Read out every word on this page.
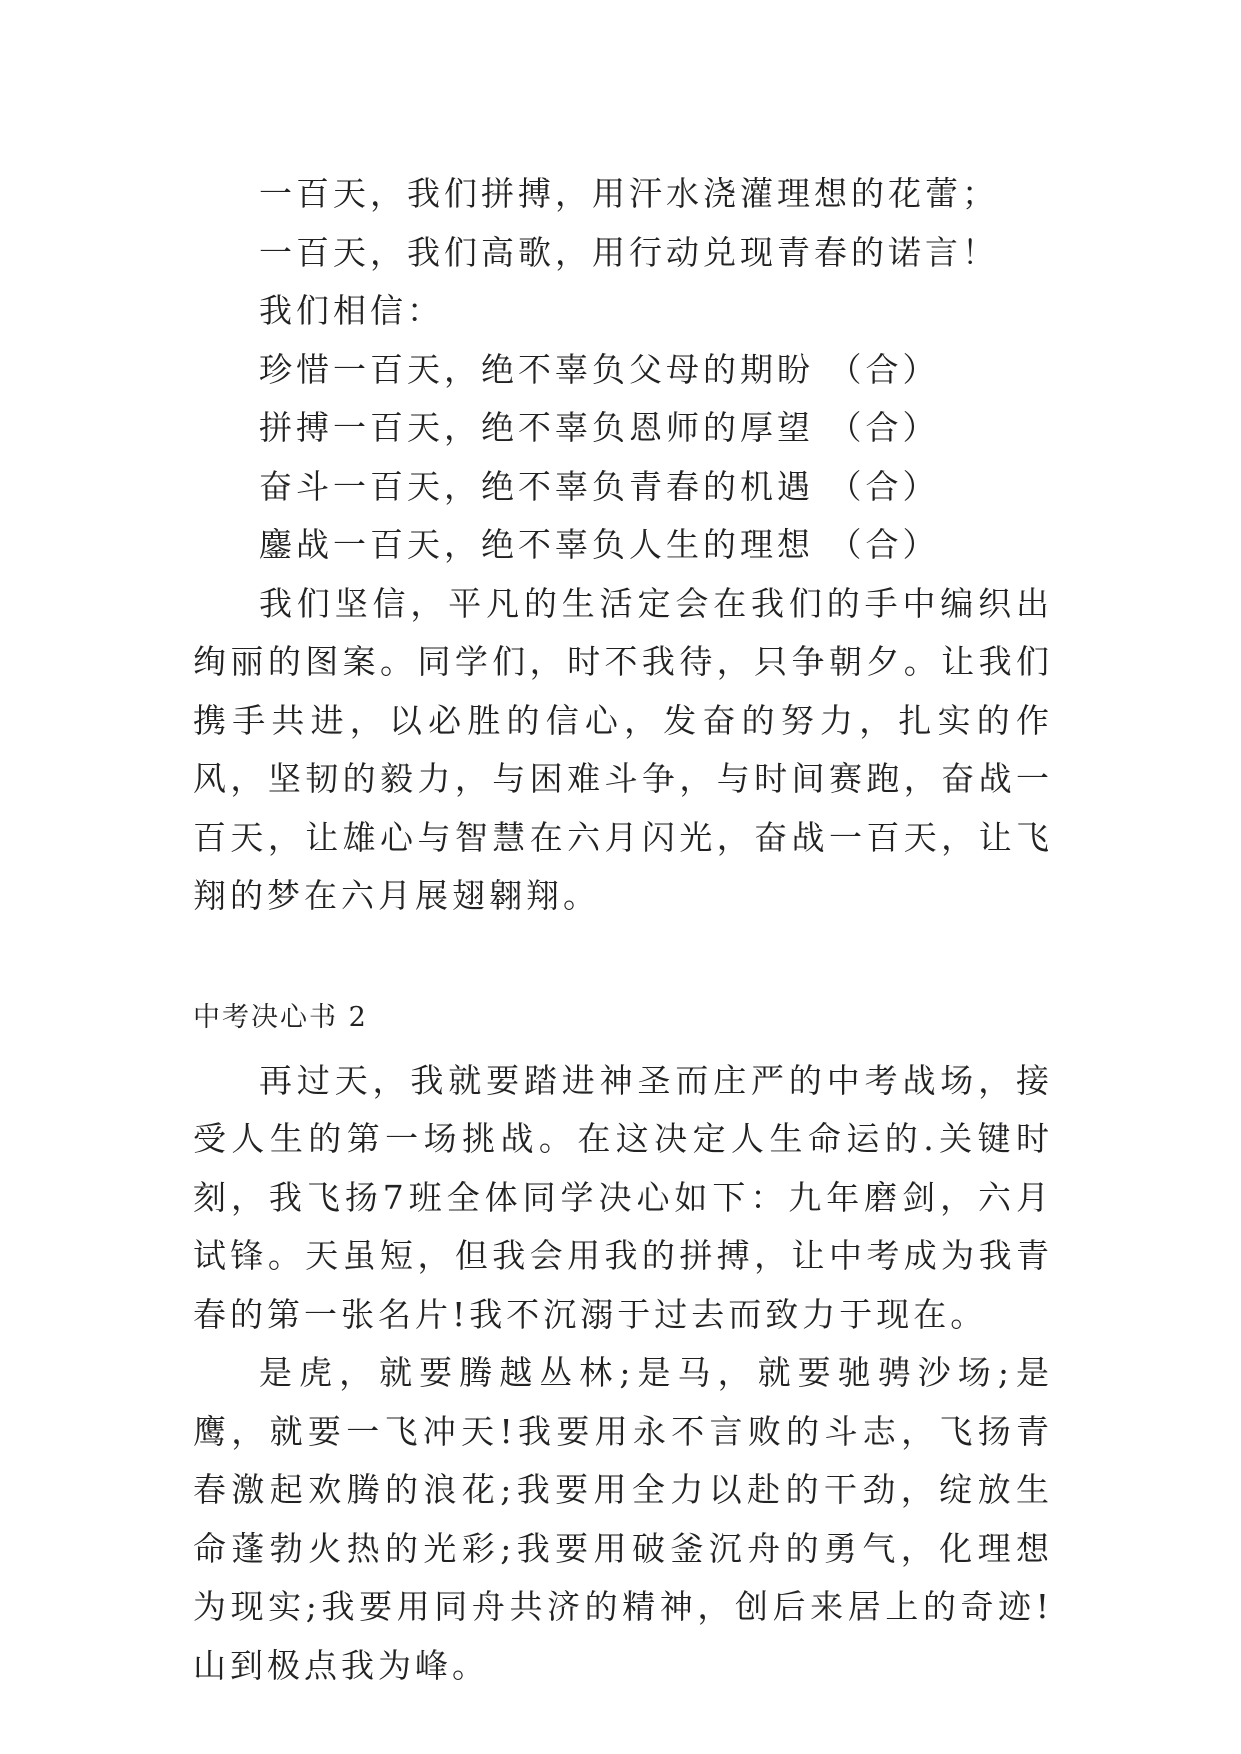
一百天，我们拼搏，用汗水浇灌理想的花蕾；

一百天，我们高歌，用行动兑现青春的诺言！

我们相信：

珍惜一百天，绝不辜负父母的期盼 （合）

拼搏一百天，绝不辜负恩师的厚望 （合）

奋斗一百天，绝不辜负青春的机遇 （合）

鏖战一百天，绝不辜负人生的理想 （合）

我们坚信，平凡的生活定会在我们的手中编织出绚丽的图案。同学们，时不我待，只争朝夕。让我们携手共进，以必胜的信心，发奋的努力，扎实的作风，坚韧的毅力，与困难斗争，与时间赛跑，奋战一百天，让雄心与智慧在六月闪光，奋战一百天，让飞翔的梦在六月展翅翱翔。

中考决心书 2

再过天，我就要踏进神圣而庄严的中考战场，接受人生的第一场挑战。在这决定人生命运的.关键时刻，我飞扬7班全体同学决心如下：九年磨剑，六月试锋。天虽短，但我会用我的拼搏，让中考成为我青春的第一张名片!我不沉溺于过去而致力于现在。

是虎，就要腾越丛林;是马，就要驰骋沙场;是鹰，就要一飞冲天!我要用永不言败的斗志，飞扬青春激起欢腾的浪花;我要用全力以赴的干劲，绽放生命蓬勃火热的光彩;我要用破釜沉舟的勇气，化理想为现实;我要用同舟共济的精神，创后来居上的奇迹!山到极点我为峰。
